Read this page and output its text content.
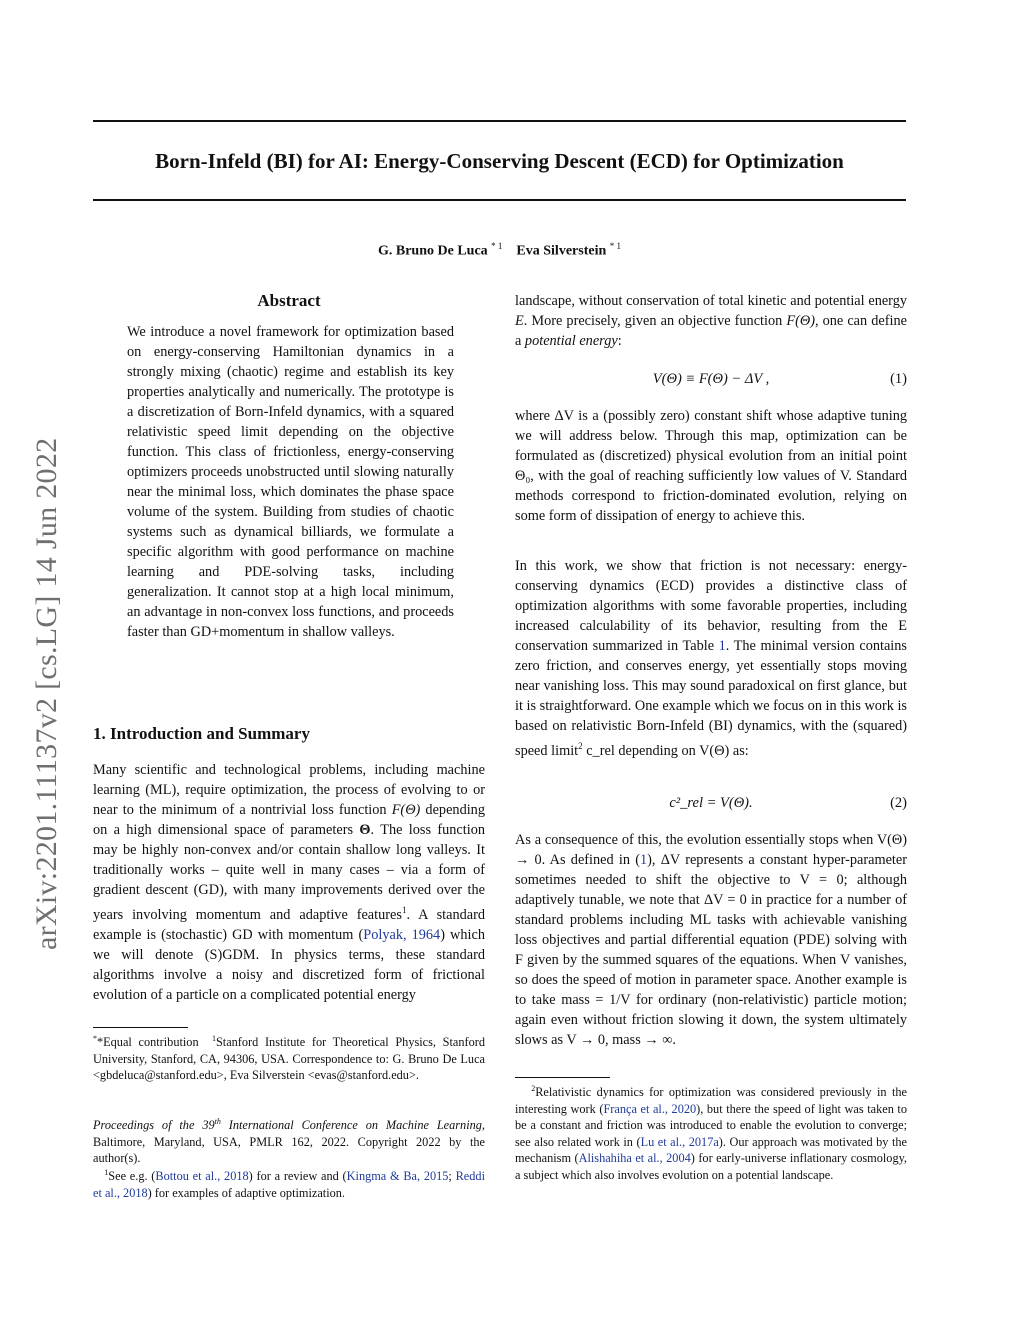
arXiv:2201.11137v2 [cs.LG] 14 Jun 2022
Born-Infeld (BI) for AI: Energy-Conserving Descent (ECD) for Optimization
G. Bruno De Luca $^{* 1}$ Eva Silverstein $^{* 1}$
Abstract
We introduce a novel framework for optimization based on energy-conserving Hamiltonian dynamics in a strongly mixing (chaotic) regime and establish its key properties analytically and numerically. The prototype is a discretization of Born-Infeld dynamics, with a squared relativistic speed limit depending on the objective function. This class of frictionless, energy-conserving optimizers proceeds unobstructed until slowing naturally near the minimal loss, which dominates the phase space volume of the system. Building from studies of chaotic systems such as dynamical billiards, we formulate a specific algorithm with good performance on machine learning and PDE-solving tasks, including generalization. It cannot stop at a high local minimum, an advantage in non-convex loss functions, and proceeds faster than GD+momentum in shallow valleys.
1. Introduction and Summary

Many scientific and technological problems, including machine learning (ML), require optimization, the process of evolving to or near to the minimum of a nontrivial loss function F(Θ) depending on a high dimensional space of parameters Θ. The loss function may be highly non-convex and/or contain shallow long valleys. It traditionally works – quite well in many cases – via a form of gradient descent (GD), with many improvements derived over the years involving momentum and adaptive features$^1$. A standard example is (stochastic) GD with momentum (Polyak, 1964) which we will denote (S)GDM. In physics terms, these standard algorithms involve a noisy and discretized form of frictional evolution of a particle on a complicated potential energy

**Equal contribution $^1$Stanford Institute for Theoretical Physics, Stanford University, Stanford, CA, 94306, USA. Correspondence to: G. Bruno De Luca <gbdeluca@stanford.edu>, Eva Silverstein <evas@stanford.edu>.

Proceedings of the 39th International Conference on Machine Learning, Baltimore, Maryland, USA, PMLR 162, 2022. Copyright 2022 by the author(s).

$^1$See e.g. (Bottou et al., 2018) for a review and (Kingma & Ba, 2015; Reddi et al., 2018) for examples of adaptive optimization.

landscape, without conservation of total kinetic and potential energy E. More precisely, given an objective function F(Θ), one can define a potential energy:

V(Θ) ≡ F(Θ) − ΔV ,	(1)
where ΔV is a (possibly zero) constant shift whose adaptive tuning we will address below. Through this map, optimization can be formulated as (discretized) physical evolution from an initial point Θ₀, with the goal of reaching sufficiently low values of V. Standard methods correspond to friction-dominated evolution, relying on some form of dissipation of energy to achieve this.

In this work, we show that friction is not necessary: energy-conserving dynamics (ECD) provides a distinctive class of optimization algorithms with some favorable properties, including increased calculability of its behavior, resulting from the E conservation summarized in Table 1. The minimal version contains zero friction, and conserves energy, yet essentially stops moving near vanishing loss. This may sound paradoxical on first glance, but it is straightforward. One example which we focus on in this work is based on relativistic Born-Infeld (BI) dynamics, with the (squared) speed limit$^2$ c_rel depending on V(Θ) as:

c²_rel = V(Θ).	(2)

As a consequence of this, the evolution essentially stops when V(Θ) → 0. As defined in (1), ΔV represents a constant hyper-parameter sometimes needed to shift the objective to V = 0; although adaptively tunable, we note that ΔV = 0 in practice for a number of standard problems including ML tasks with achievable vanishing loss objectives and partial differential equation (PDE) solving with F given by the summed squares of the equations. When V vanishes, so does the speed of motion in parameter space. Another example is to take mass = 1/V for ordinary (non-relativistic) particle motion; again even without friction slowing it down, the system ultimately slows as V → 0, mass → ∞.

$^2$Relativistic dynamics for optimization was considered previously in the interesting work (França et al., 2020), but there the speed of light was taken to be a constant and friction was introduced to enable the evolution to converge; see also related work in (Lu et al., 2017a). Our approach was motivated by the mechanism (Alishahiha et al., 2004) for early-universe inflationary cosmology, a subject which also involves evolution on a potential landscape.
